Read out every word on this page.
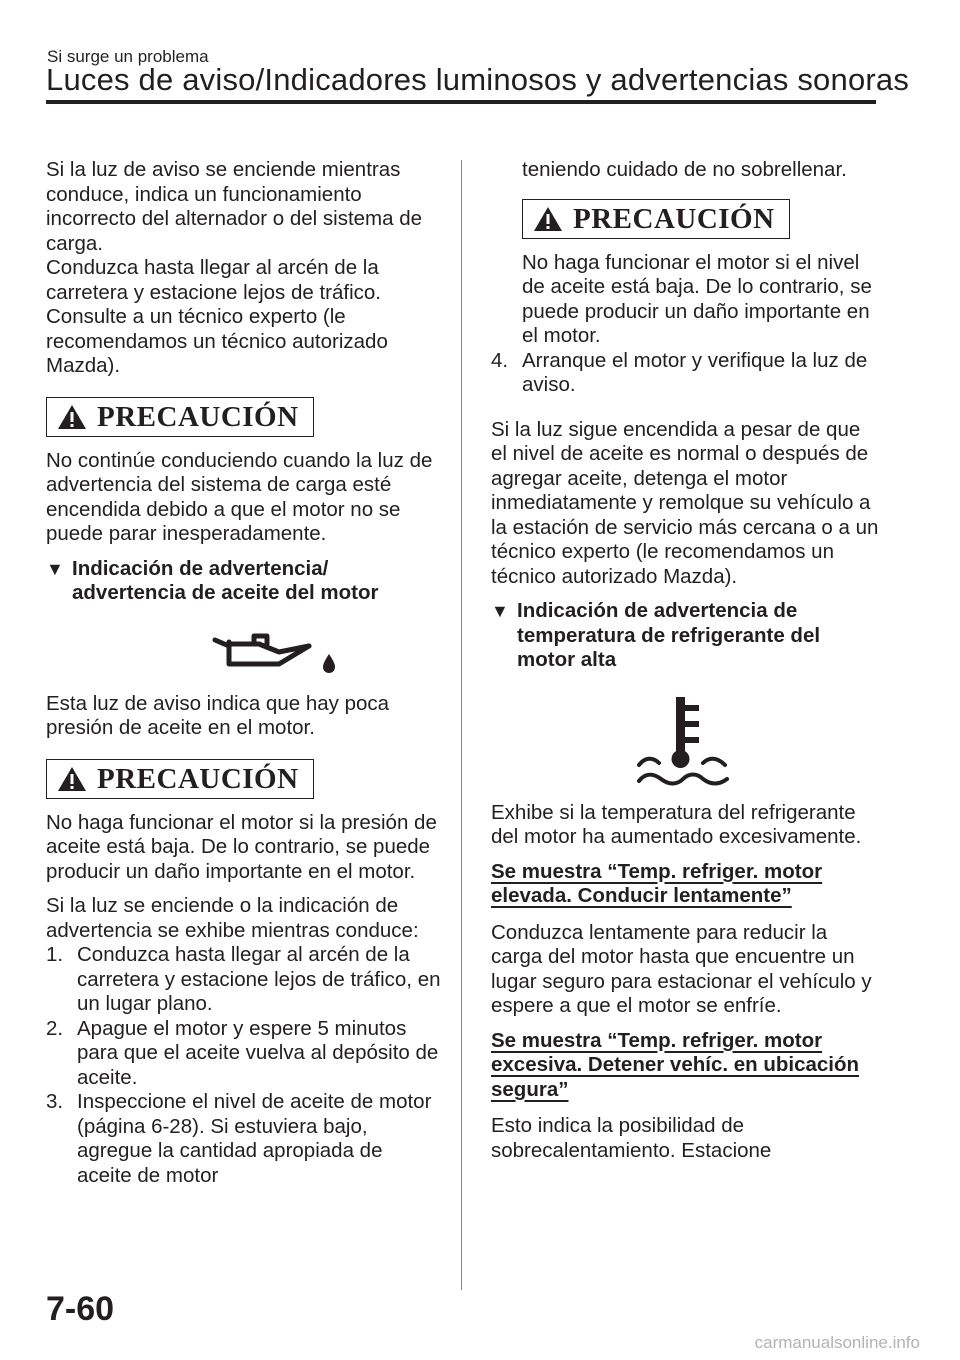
Si surge un problema
Luces de aviso/Indicadores luminosos y advertencias sonoras

Si la luz de aviso se enciende mientras conduce, indica un funcionamiento incorrecto del alternador o del sistema de carga.

Conduzca hasta llegar al arcén de la carretera y estacione lejos de tráfico. Consulte a un técnico experto (le recomendamos un técnico autorizado Mazda).

PRECAUCIÓN

No continúe conduciendo cuando la luz de advertencia del sistema de carga esté encendida debido a que el motor no se puede parar inesperadamente.

▼ Indicación de advertencia/ advertencia de aceite del motor

Esta luz de aviso indica que hay poca presión de aceite en el motor.

PRECAUCIÓN

No haga funcionar el motor si la presión de aceite está baja. De lo contrario, se puede producir un daño importante en el motor.

Si la luz se enciende o la indicación de advertencia se exhibe mientras conduce:

1. Conduzca hasta llegar al arcén de la carretera y estacione lejos de tráfico, en un lugar plano.
2. Apague el motor y espere 5 minutos para que el aceite vuelva al depósito de aceite.
3. Inspeccione el nivel de aceite de motor (página 6-28). Si estuviera bajo, agregue la cantidad apropiada de aceite de motor
teniendo cuidado de no sobrellenar.
PRECAUCIÓN
No haga funcionar el motor si el nivel de aceite está baja. De lo contrario, se puede producir un daño importante en el motor.
4. Arranque el motor y verifique la luz de aviso.

Si la luz sigue encendida a pesar de que el nivel de aceite es normal o después de agregar aceite, detenga el motor inmediatamente y remolque su vehículo a la estación de servicio más cercana o a un técnico experto (le recomendamos un técnico autorizado Mazda).

▼ Indicación de advertencia de temperatura de refrigerante del motor alta

Exhibe si la temperatura del refrigerante del motor ha aumentado excesivamente.

Se muestra “Temp. refriger. motor elevada. Conducir lentamente”

Conduzca lentamente para reducir la carga del motor hasta que encuentre un lugar seguro para estacionar el vehículo y espere a que el motor se enfríe.

Se muestra “Temp. refriger. motor excesiva. Detener vehíc. en ubicación segura”

Esto indica la posibilidad de sobrecalentamiento. Estacione

7-60
carmanualsonline.info
